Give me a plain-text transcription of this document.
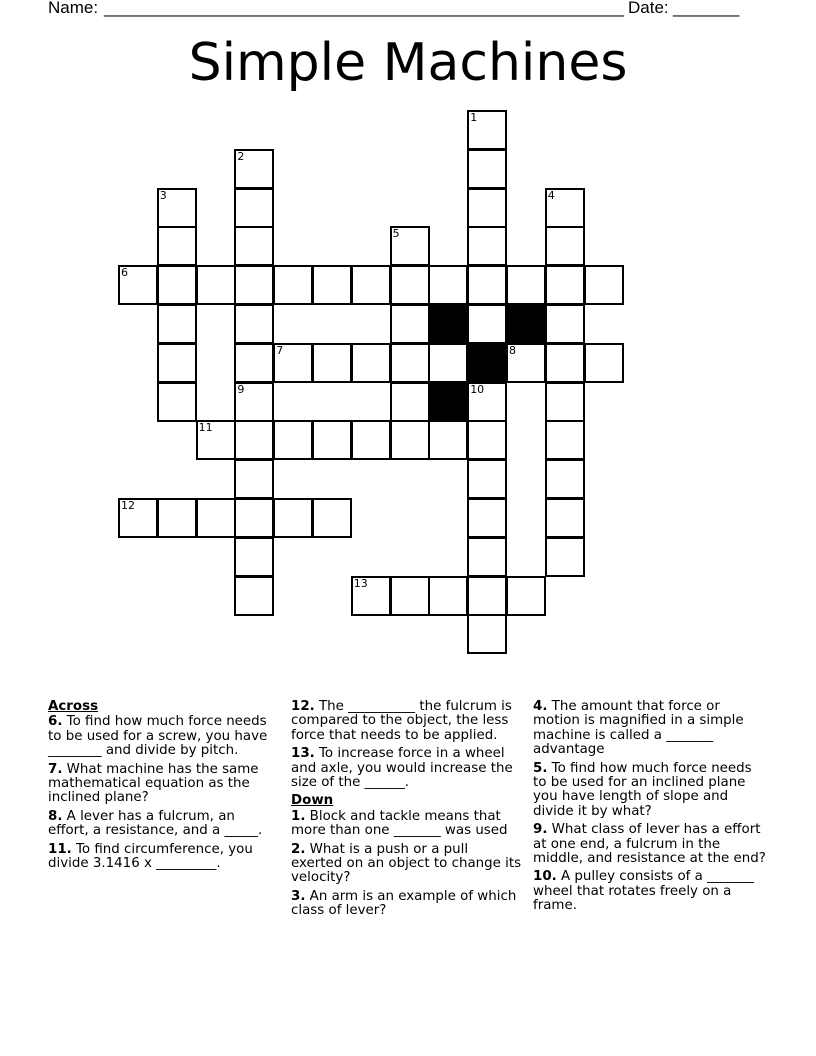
Name: _______________________________________________________ Date: _______
Simple Machines
6
7	8
11
12
13
1
10
2
9
3	4
5
Across
6. To find how much force needs to be used for a screw, you have ________ and divide by pitch.
7. What machine has the same mathematical equation as the inclined plane?
8. A lever has a fulcrum, an effort, a resistance, and a _____.
11. To find circumference, you divide 3.1416 x _________.
12. The __________ the fulcrum is compared to the object, the less force that needs to be applied.
13. To increase force in a wheel and axle, you would increase the size of the ______.
Down
1. Block and tackle means that more than one _______ was used
2. What is a push or a pull exerted on an object to change its velocity?
3. An arm is an example of which class of lever?
4. The amount that force or motion is magnified in a simple machine is called a _______ advantage
5. To find how much force needs to be used for an inclined plane you have length of slope and divide it by what?
9. What class of lever has a effort at one end, a fulcrum in the middle, and resistance at the end?
10. A pulley consists of a _______ wheel that rotates freely on a frame.
